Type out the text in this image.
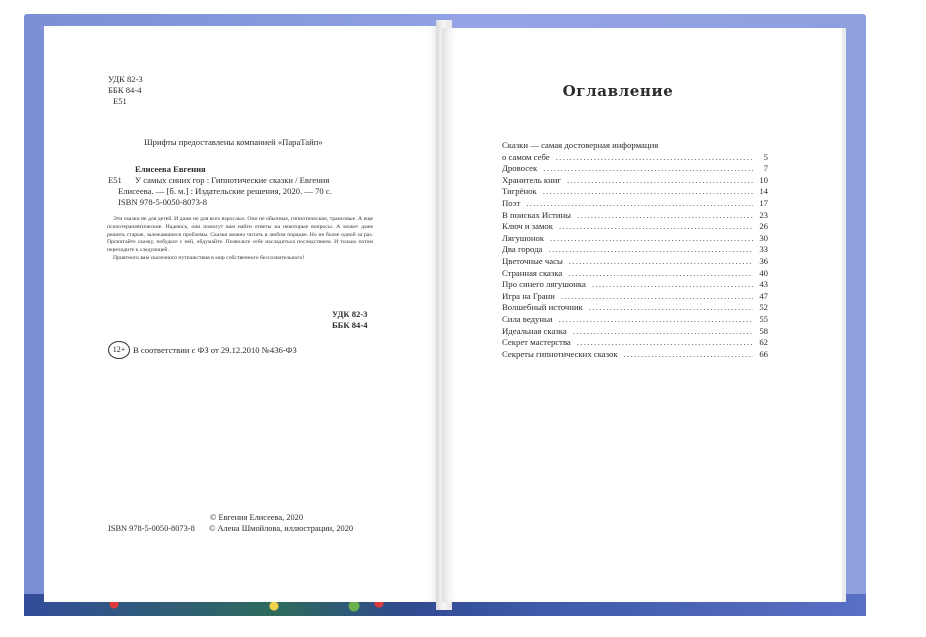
УДК 82-3
ББК 84-4
Е51
Шрифты предоставлены компанией «ПараТайп»
Елисеева Евгения
Е51 У самых синих гор : Гипнотические сказки / Евгения
Елисеева. — [б. м.] : Издательские решения, 2020. — 70 с.
ISBN 978-5-0050-8073-8

Эти сказки не для детей. И даже не для всех взрослых. Они не обычные, гипнотические, трансовые. А еще психотерапевтические. Надеюсь, они помогут вам найти ответы на некоторые вопросы. А может даже решить старые, залежавшиеся проблемы. Сказки можно читать в любом порядке. Но не более одной за раз. Прочитайте сказку, побудьте с ней, обдумайте. Позвольте себе насладиться последствием. И только потом переходите к следующей.

Приятного вам сказочного путешествия в мир собственного бессознательного!

УДК 82-3
ББК 84-4
12+ В соответствии с ФЗ от 29.12.2010 №436-ФЗ
© Евгения Елисеева, 2020
ISBN 978-5-0050-8073-8 © Алена Шмойлова, иллюстрации, 2020
Оглавление
Сказки — самая достоверная информация
о самом себе .....	5
Дровосек .....	7
Хранитель книг .....	10
Тигрёнок .....	14
Поэт .....	17
В поисках Истины .....	23
Ключ и замок .....	26
Лягушонок .....	30
Два города .....	33
Цветочные часы .....	36
Странная сказка .....	40
Про синего лягушонка .....	43
Игра на Грани .....	47
Волшебный источник .....	52
Сила ведуньи .....	55
Идеальная сказка .....	58
Секрет мастерства .....	62
Секреты гипнотических сказок .....	66
